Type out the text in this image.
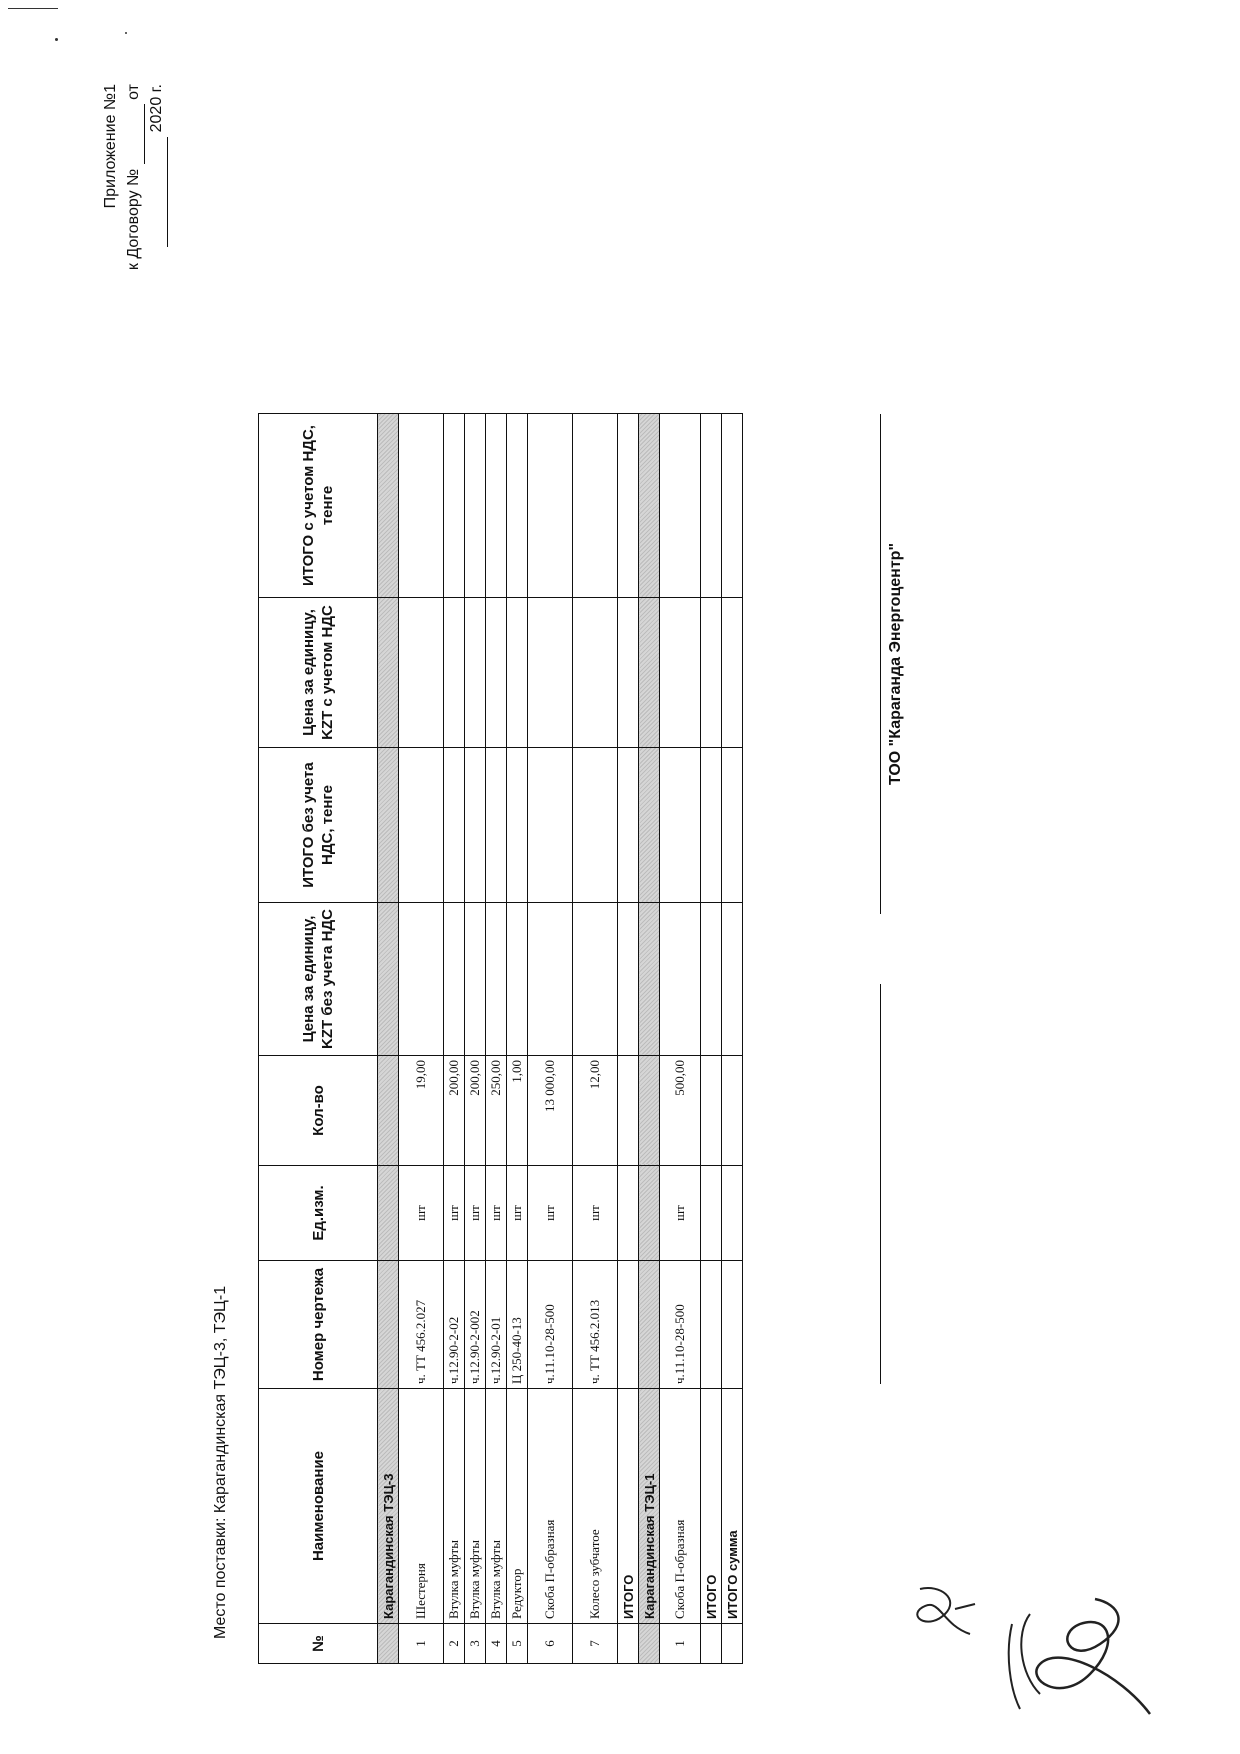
Место поставки: Карагандинская ТЭЦ-3, ТЭЦ-1
Приложение №1
к Договору №   от 2020 г.
№	Наименование	Номер чертежа	Ед.изм.	Кол-во	Цена за единицу, KZT без учета НДС	ИТОГО без учета НДС, тенге	Цена за единицу, KZT с учетом НДС	ИТОГО с учетом НДС, тенге
	Карагандинская ТЭЦ-3							
1	Шестерня	ч. ТТ 456.2.027	шт	19,00				
2	Втулка муфты	ч.12.90-2-02	шт	200,00				
3	Втулка муфты	ч.12.90-2-002	шт	200,00				
4	Втулка муфты	ч.12.90-2-01	шт	250,00				
5	Редуктор	Ц 250-40-13	шт	1,00				
6	Скоба П-образная	ч.11.10-28-500	шт	13 000,00				
7	Колесо зубчатое	ч. ТТ 456.2.013	шт	12,00				
	ИТОГО							
	Карагандинская ТЭЦ-1							
1	Скоба П-образная	ч.11.10-28-500	шт	500,00				
	ИТОГО							
	ИТОГО сумма							
ТОО "Караганда Энергоцентр"
